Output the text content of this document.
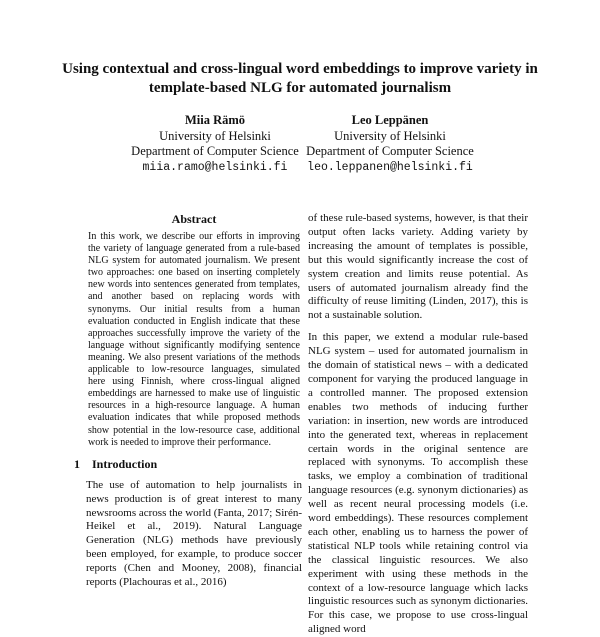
Using contextual and cross-lingual word embeddings to improve variety in template-based NLG for automated journalism
Miia Rämö
University of Helsinki
Department of Computer Science
miia.ramo@helsinki.fi
Leo Leppänen
University of Helsinki
Department of Computer Science
leo.leppanen@helsinki.fi
Abstract

In this work, we describe our efforts in improving the variety of language generated from a rule-based NLG system for automated journalism. We present two approaches: one based on inserting completely new words into sentences generated from templates, and another based on replacing words with synonyms. Our initial results from a human evaluation conducted in English indicate that these approaches successfully improve the variety of the language without significantly modifying sentence meaning. We also present variations of the methods applicable to low-resource languages, simulated here using Finnish, where cross-lingual aligned embeddings are harnessed to make use of linguistic resources in a high-resource language. A human evaluation indicates that while proposed methods show potential in the low-resource case, additional work is needed to improve their performance.

1 Introduction

The use of automation to help journalists in news production is of great interest to many newsrooms across the world (Fanta, 2017; Sirén-Heikel et al., 2019). Natural Language Generation (NLG) methods have previously been employed, for example, to produce soccer reports (Chen and Mooney, 2008), financial reports (Plachouras et al., 2016)

of these rule-based systems, however, is that their output often lacks variety. Adding variety by increasing the amount of templates is possible, but this would significantly increase the cost of system creation and limits reuse potential. As users of automated journalism already find the difficulty of reuse limiting (Linden, 2017), this is not a sustainable solution.

In this paper, we extend a modular rule-based NLG system – used for automated journalism in the domain of statistical news – with a dedicated component for varying the produced language in a controlled manner. The proposed extension enables two methods of inducing further variation: in insertion, new words are introduced into the generated text, whereas in replacement certain words in the original sentence are replaced with synonyms. To accomplish these tasks, we employ a combination of traditional language resources (e.g. synonym dictionaries) as well as recent neural processing models (i.e. word embeddings). These resources complement each other, enabling us to harness the power of statistical NLP tools while retaining control via the classical linguistic resources. We also experiment with using these methods in the context of a low-resource language which lacks linguistic resources such as synonym dictionaries. For this case, we propose to use cross-lingual aligned word
